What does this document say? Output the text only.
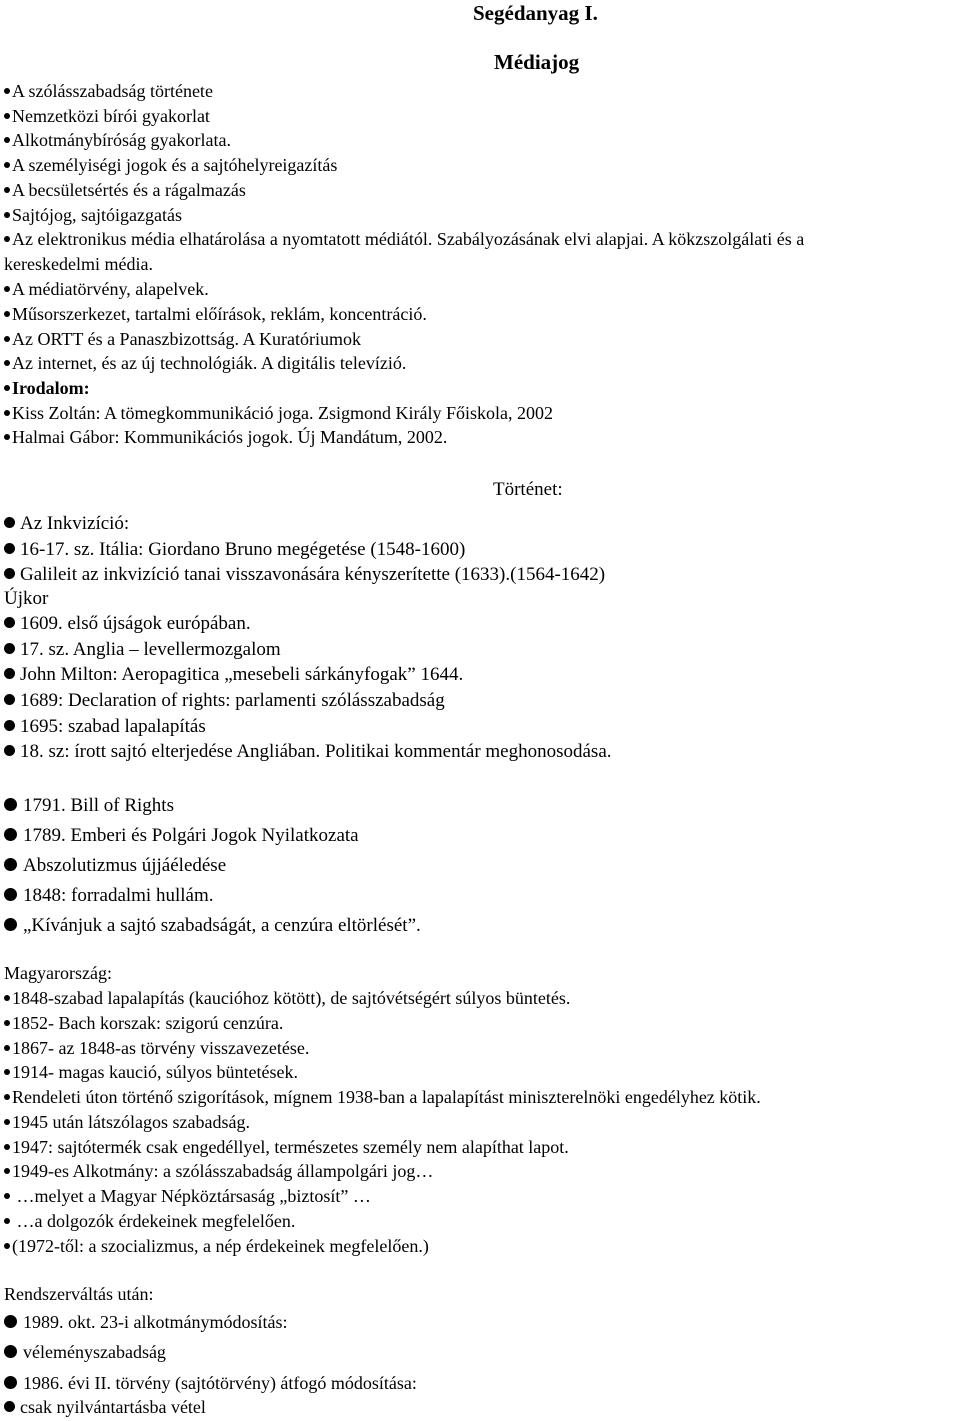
Segédanyag I.
Médiajog
A szólásszabadság története
Nemzetközi bírói gyakorlat
Alkotmánybíróság gyakorlata.
A személyiségi jogok és a sajtóhelyreigazítás
A becsületsértés és a rágalmazás
Sajtójog, sajtóigazgatás
Az elektronikus média elhatárolása a nyomtatott médiától. Szabályozásának elvi alapjai. A kökzszolgálati és a
kereskedelmi média.
A médiatörvény, alapelvek.
Műsorszerkezet, tartalmi előírások, reklám, koncentráció.
Az ORTT és a Panaszbizottság. A Kuratóriumok
Az internet, és az új technológiák. A digitális televízió.
Irodalom:
Kiss Zoltán: A tömegkommunikáció joga. Zsigmond Király Főiskola, 2002
Halmai Gábor: Kommunikációs jogok. Új Mandátum, 2002.
Történet:
Az Inkvizíció:
16-17. sz. Itália: Giordano Bruno megégetése (1548-1600)
Galileit az inkvizíció tanai visszavonására kényszerítette (1633).(1564-1642)
Újkor
1609. első újságok európában.
17. sz. Anglia – levellermozgalom
John Milton: Aeropagitica „mesebeli sárkányfogak” 1644.
1689: Declaration of rights: parlamenti szólásszabadság
1695: szabad lapalapítás
18. sz: írott sajtó elterjedése Angliában. Politikai kommentár meghonosodása.
1791. Bill of Rights
1789. Emberi és Polgári Jogok Nyilatkozata
Abszolutizmus újjáéledése
1848: forradalmi hullám.
„Kívánjuk a sajtó szabadságát, a cenzúra eltörlését”.
Magyarország:
1848-szabad lapalapítás (kaucióhoz kötött), de sajtóvétségért súlyos büntetés.
1852- Bach korszak: szigorú cenzúra.
1867- az 1848-as törvény visszavezetése.
1914- magas kaució, súlyos büntetések.
Rendeleti úton történő szigorítások, mígnem 1938-ban a lapalapítást miniszterelnöki engedélyhez kötik.
1945 után látszólagos szabadság.
1947: sajtótermék csak engedéllyel, természetes személy nem alapíthat lapot.
1949-es Alkotmány: a szólásszabadság állampolgári jog…
…melyet a Magyar Népköztársaság „biztosít” …
…a dolgozók érdekeinek megfelelően.
(1972-től: a szocializmus, a nép érdekeinek megfelelően.)
Rendszerváltás után:
1989. okt. 23-i alkotmánymódosítás:
véleményszabadság
1986. évi II. törvény (sajtótörvény) átfogó módosítása:
csak nyilvántartásba vétel
